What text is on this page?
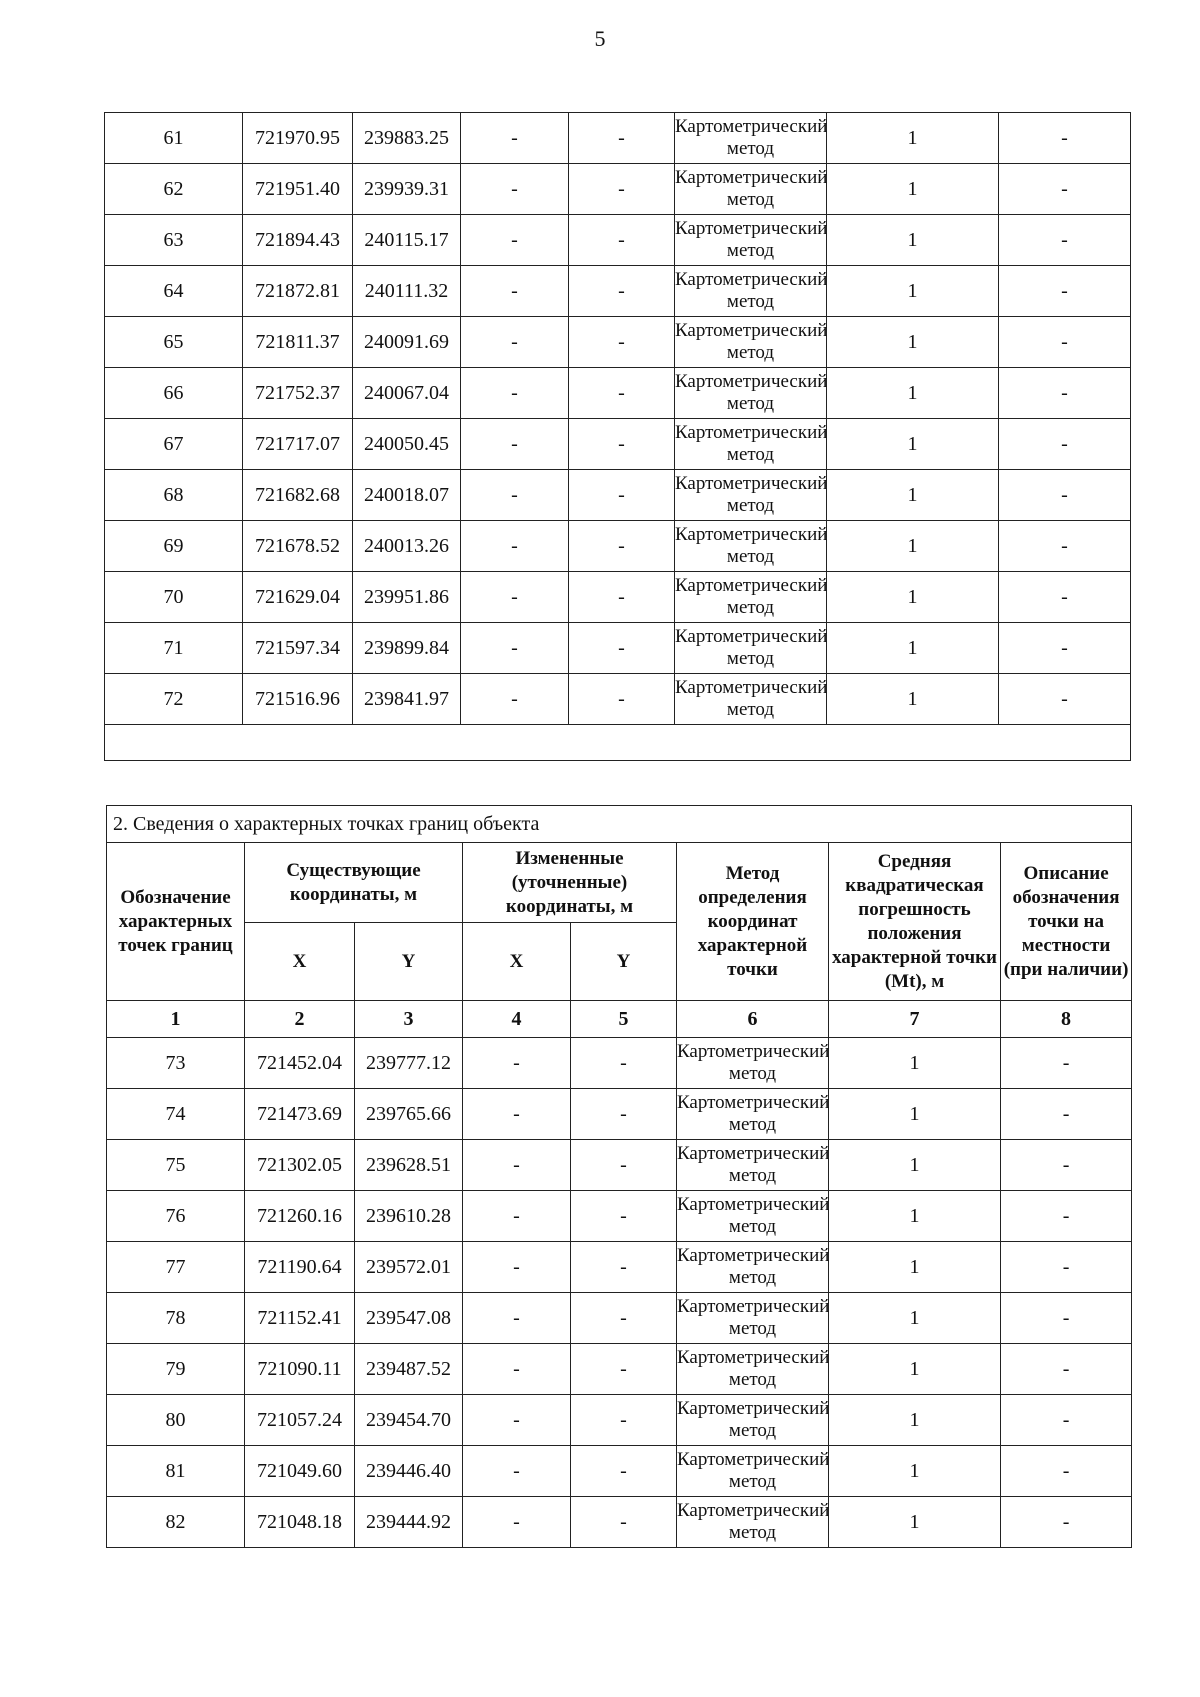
5
61	721970.95	239883.25	-	-	Картометрический метод	1	-
62	721951.40	239939.31	-	-	Картометрический метод	1	-
63	721894.43	240115.17	-	-	Картометрический метод	1	-
64	721872.81	240111.32	-	-	Картометрический метод	1	-
65	721811.37	240091.69	-	-	Картометрический метод	1	-
66	721752.37	240067.04	-	-	Картометрический метод	1	-
67	721717.07	240050.45	-	-	Картометрический метод	1	-
68	721682.68	240018.07	-	-	Картометрический метод	1	-
69	721678.52	240013.26	-	-	Картометрический метод	1	-
70	721629.04	239951.86	-	-	Картометрический метод	1	-
71	721597.34	239899.84	-	-	Картометрический метод	1	-
72	721516.96	239841.97	-	-	Картометрический метод	1	-

2. Сведения о характерных точках границ объекта							
Обозначение характерных точек границ	Существующие координаты, м		Измененные (уточненные) координаты, м		Метод определения координат характерной точки	Средняя квадратическая погрешность положения характерной точки (Mt), м	Описание обозначения точки на местности (при наличии)
	X	Y	X	Y			
1	2	3	4	5	6	7	8
73	721452.04	239777.12	-	-	Картометрический метод	1	-
74	721473.69	239765.66	-	-	Картометрический метод	1	-
75	721302.05	239628.51	-	-	Картометрический метод	1	-
76	721260.16	239610.28	-	-	Картометрический метод	1	-
77	721190.64	239572.01	-	-	Картометрический метод	1	-
78	721152.41	239547.08	-	-	Картометрический метод	1	-
79	721090.11	239487.52	-	-	Картометрический метод	1	-
80	721057.24	239454.70	-	-	Картометрический метод	1	-
81	721049.60	239446.40	-	-	Картометрический метод	1	-
82	721048.18	239444.92	-	-	Картометрический метод	1	-
